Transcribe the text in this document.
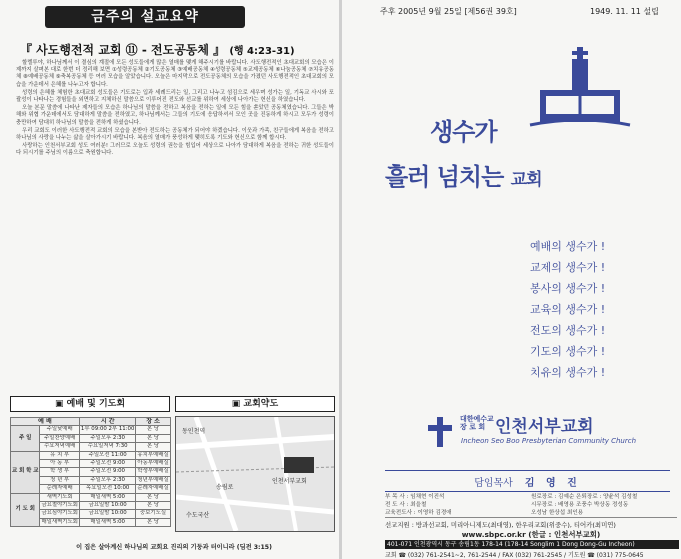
금주의 설교요약
『 사도행전적 교회 ⑪ - 전도공동체 』 (행 4:23-31)

할렐루야, 하나님께서 이 결심의 계절에 모든 성도들에게 많은 열매를 맺게 해주시기를 바랍니다. 사도행전적인 초대교회의 모습은 이제까지 살펴본 대로 한번 더 정리해 보면 ①성령공동체 ②기도공동체 ③예배공동체 ④성령공동체 ⑤교제공동체 ⑥나눔공동체 ⑦치유공동체 ⑧예배공동체 ⑨축복공동체 등 여러 모습을 알았습니다. 오늘은 마지막으로 전도공동체의 모습을 가졌던 사도행전적인 초대교회의 모습을 가운데서 은혜를 나누고자 합니다.

성령의 은혜를 체험한 초대교회 성도들은 기도로는 입과 세례드리는 일, 그리고 나누고 섬김으로 세우며 성가는 일, 기독교 사시와 포괄성이 나타나는 경험들을 외면하고 지체하신 말씀으로 이루어진 전도와 선교를 위하여 세상에 나아가는 헌신을 하였습니다.

오늘 본문 말씀에 나타난 제자들의 모습은 하나님의 말씀을 전하고 복음을 전하는 일에 모든 힘을 쏟았던 공동체였습니다. 그들은 박해와 위협 가운데에서도 담대하게 말씀을 전하였고, 하나님께서는 그들의 기도에 응답하셔서 모인 곳을 진동하게 하시고 모두가 성령이 충만하여 담대히 하나님의 말씀을 전하게 하셨습니다.

우리 교회도 이러한 사도행전적 교회의 모습을 본받아 전도하는 공동체가 되어야 하겠습니다. 이웃과 가족, 친구들에게 복음을 전하고 하나님의 사랑을 나누는 삶을 살아가시기 바랍니다. 복음의 열매가 풍성하게 맺히도록 기도와 헌신으로 함께 합시다.

사랑하는 인천서부교회 성도 여러분! 그러므로 오늘도 성령의 권능을 힘입어 세상으로 나아가 담대하게 복음을 전하는 귀한 성도들이 다 되시기를 주님의 이름으로 축원합니다.

▣ 예배 및 기도회	▣ 교회약도
예 배		시 간	장 소
주 일	주일낮예배	1부 09:00 2부 11:00	본 당
	주일찬양예배	주일오후 2:30	본 당
	수요저녁예배	수요일저녁 7:30	본 당
교 회 학 교	유 치 부	주일오전 11:00	유치부예배실
	아 동 부	주일오전 9:00	아동부예배실
	학 생 부	주일오전 9:00	학생부예배실
	청 년 부	주일오후 2:30	청년부예배실
	순례자예배	목요일오전 10:00	순례자예배실
기 도 회	새벽기도회	매일새벽 5:00	본 당
	금요철야기도회	금요일밤 10:00	본 당
	금요심야기도회	금요일밤 10:00	중보기도실
	매일새벽기도회	매일새벽 5:00	본 당
동인천역
송림로
수도국산
인천서부교회
이 집은 살아계신 하나님의 교회요 진리의 기둥과 터이니라 (딤전 3:15)
주후 2005년 9월 25일 [제56권 39호]	1949. 11. 11 설립
생수가
흘러 넘치는 교회
예배의 생수가 !
교제의 생수가 !
봉사의 생수가 !
교육의 생수가 !
전도의 생수가 !
기도의 생수가 !
치유의 생수가 !
대한예수교
장 로 회 인천서부교회
Incheon Seo Boo Presbyterian Community Church
담임목사 김 영 진
부 목 사 : 임채현 이진석	원로장로 : 김예순 은퇴장로 : 양윤석 김성철
전 도 사 : 최을철	시무장로 : 배영용 조풍수 박상동 정성동
교육전도사 : 이영하 김경애	오성남 한상섭 최인용
선교지원 : 방과선교회, 미리아니제도(최대영), 한우리교회(위중수), 티어카(최미연)
www.sbpc.or.kr (한글 : 인천서부교회)
401-071 인천광역시 동구 송림1동 178-14 (178-14 Songlim 1 Dong Dong-Gu Incheon)
교회 ☎ (032) 761-2541~2, 761-2544 / FAX (032) 761-2545 / 기도원 ☎ (031) 775-0645
